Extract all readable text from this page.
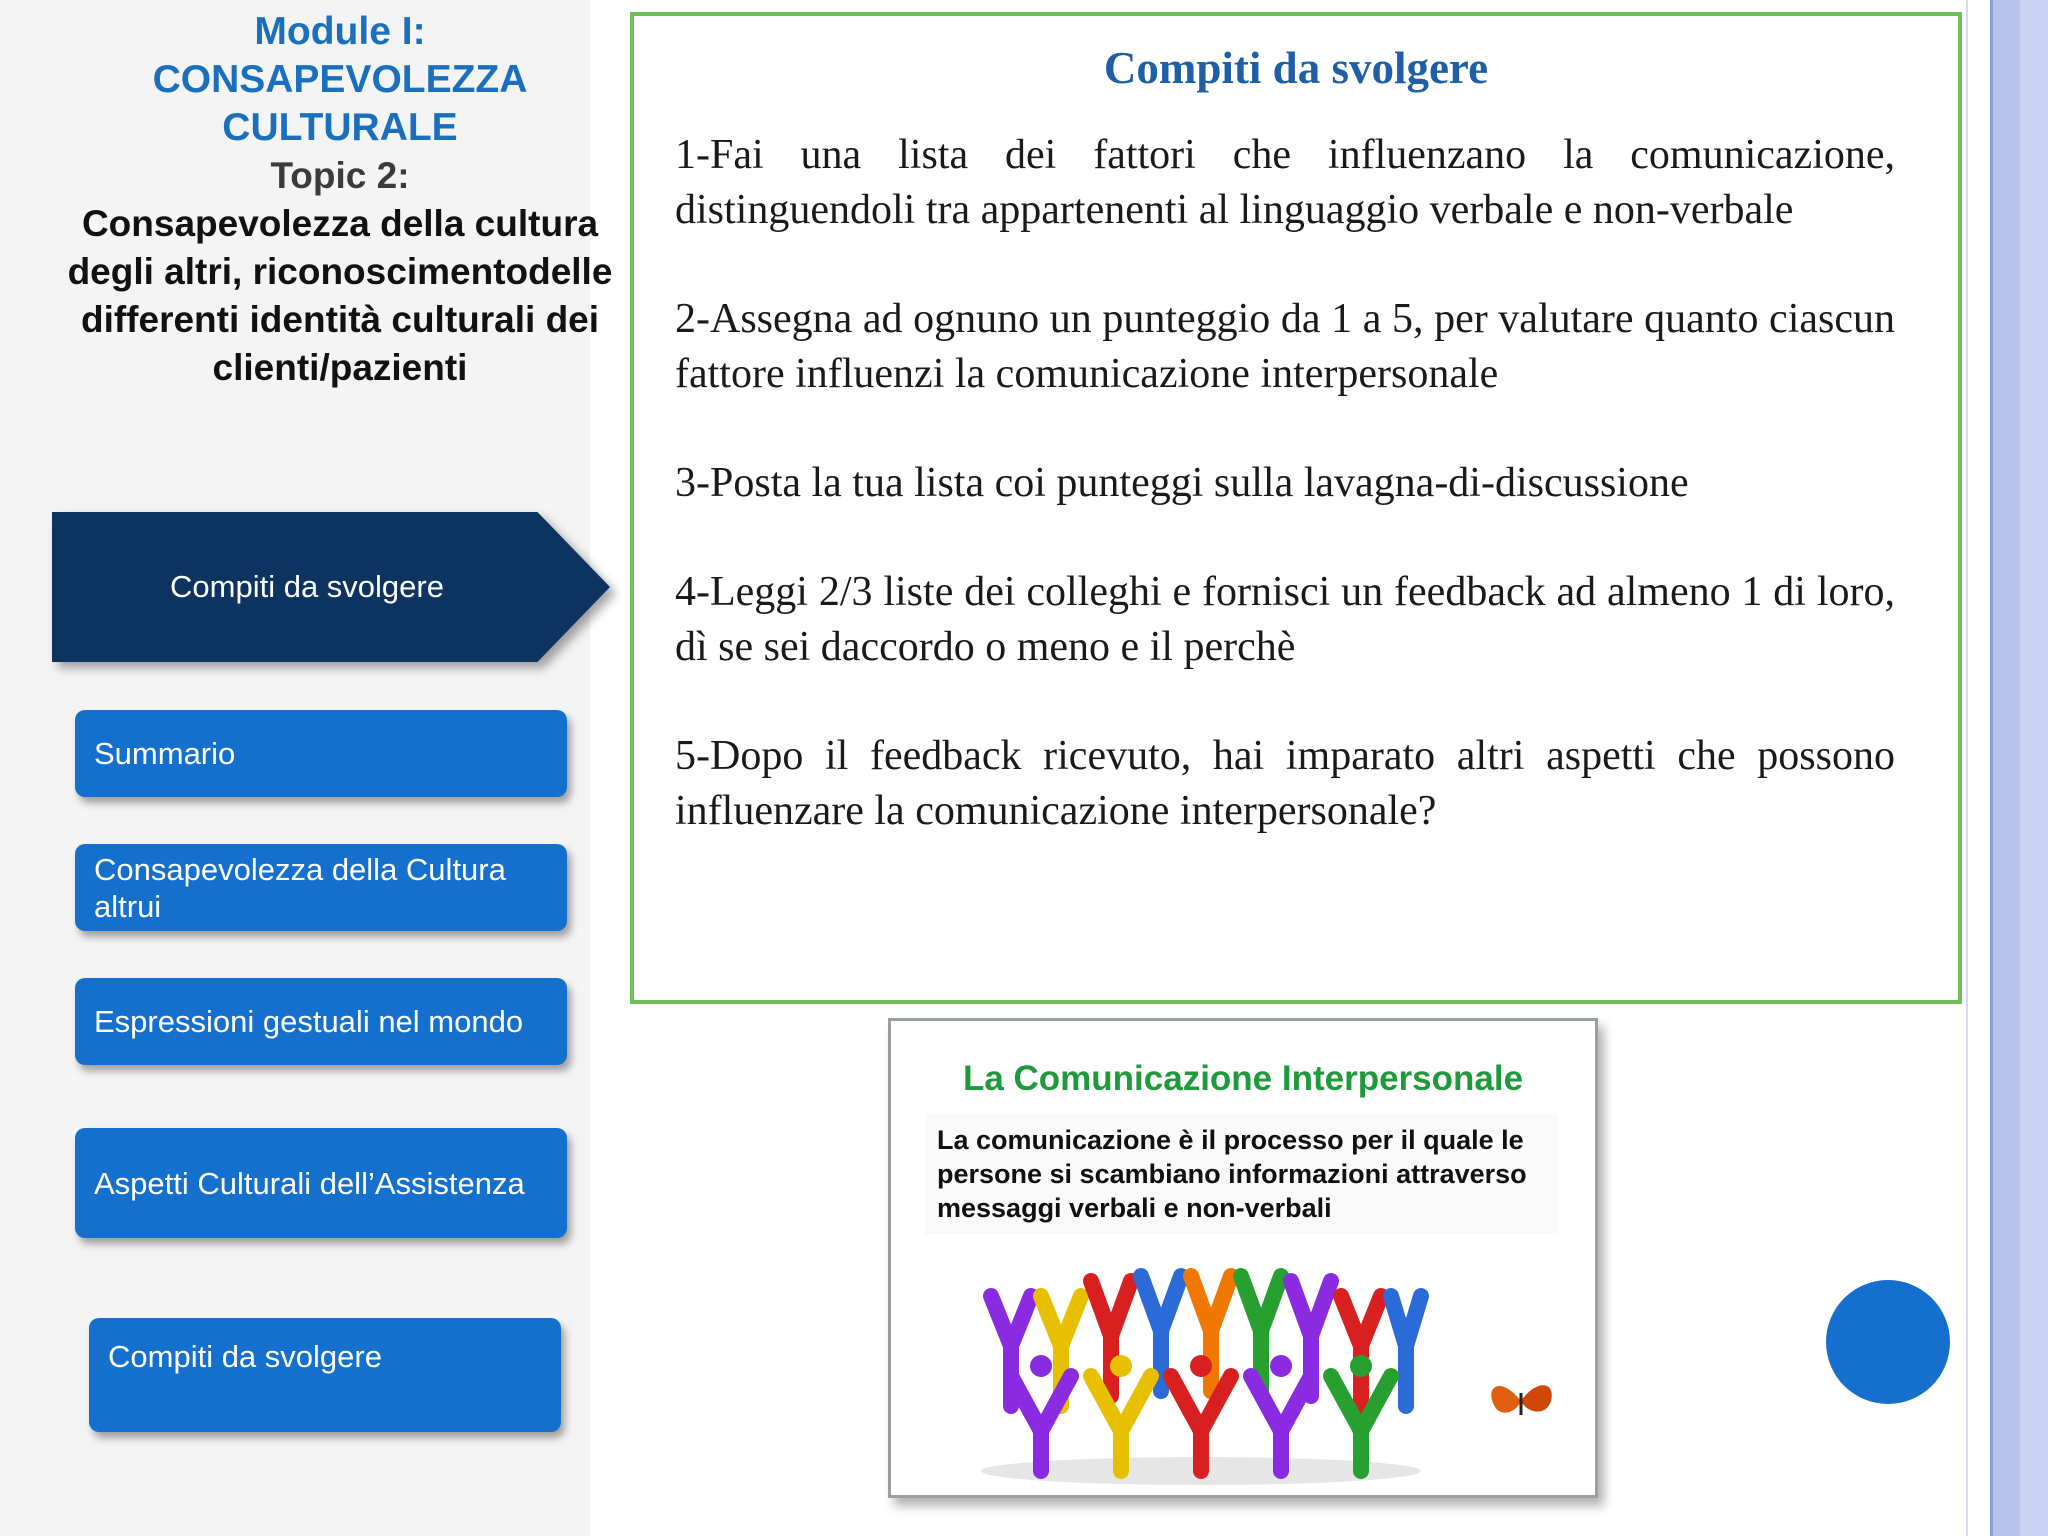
Module I:
CONSAPEVOLEZZA CULTURALE
Topic 2:
Consapevolezza della cultura degli altri, riconoscimentodelle differenti identità culturali dei clienti/pazienti
Compiti da svolgere
Summario
Consapevolezza della Cultura altrui
Espressioni gestuali nel mondo
Aspetti Culturali dell’Assistenza
Compiti da svolgere
Compiti da svolgere

1-Fai una lista dei fattori che influenzano la comunicazione, distinguendoli tra appartenenti al linguaggio verbale e non-verbale

2-Assegna ad ognuno un punteggio da 1 a 5, per valutare quanto ciascun fattore influenzi la comunicazione interpersonale

3-Posta la tua lista coi punteggi sulla lavagna-di-discussione

4-Leggi 2/3 liste dei colleghi e fornisci un feedback ad almeno 1 di loro, dì se sei daccordo o meno e il perchè

5-Dopo il feedback ricevuto, hai imparato altri aspetti che possono influenzare la comunicazione interpersonale?

La Comunicazione Interpersonale
La comunicazione è il processo per il quale le persone si scambiano informazioni attraverso messaggi verbali e non-verbali
